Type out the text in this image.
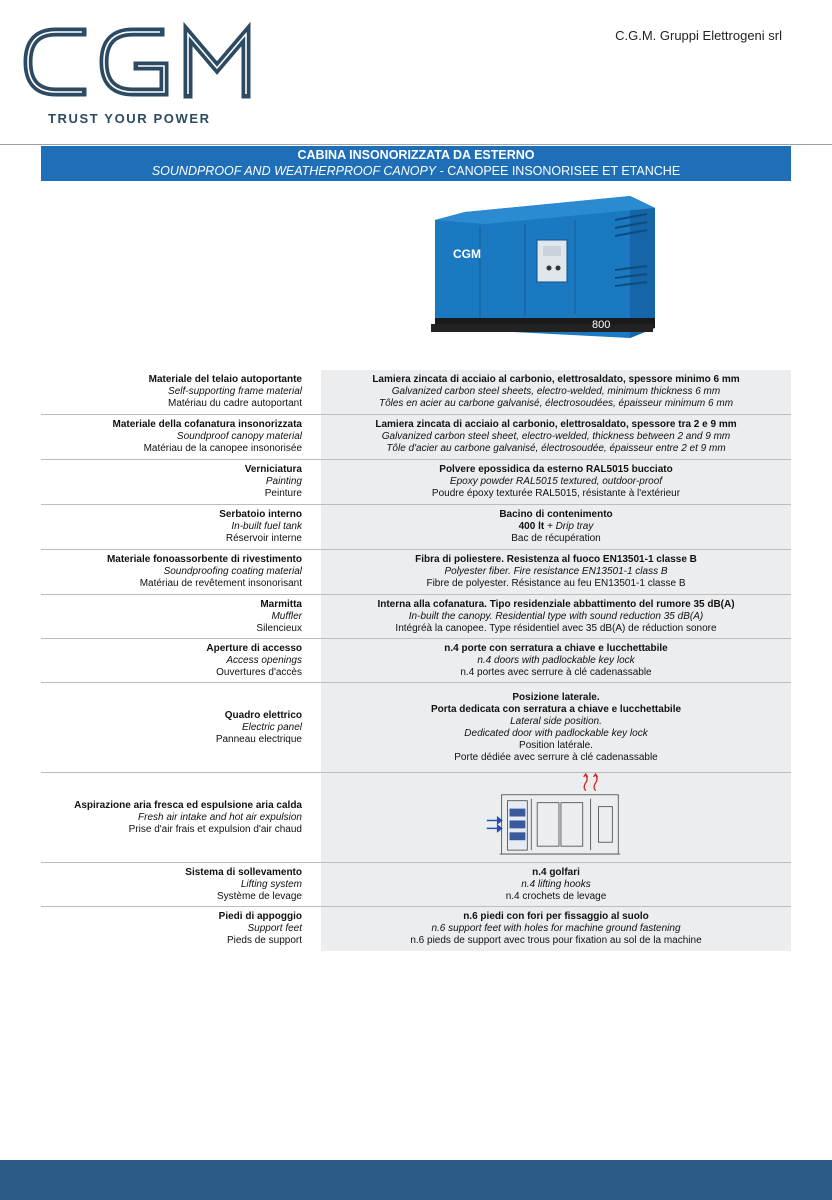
TRUST YOUR POWER
C.G.M. Gruppi Elettrogeni srl
CABINA INSONORIZZATA DA ESTERNO
SOUNDPROOF AND WEATHERPROOF CANOPY - CANOPEE INSONORISEE ET ETANCHE
CGM
800
Materiale del telaio autoportante
Self-supporting frame material
Matériau du cadre autoportant
Lamiera zincata di acciaio al carbonio, elettrosaldato, spessore minimo 6 mm
Galvanized carbon steel sheets, electro-welded, minimum thickness 6 mm
Tôles en acier au carbone galvanisé, électrosoudées, épaisseur minimum 6 mm
Materiale della cofanatura insonorizzata
Soundproof canopy material
Matériau de la canopee insonorisée
Lamiera zincata di acciaio al carbonio, elettrosaldato, spessore tra 2 e 9 mm
Galvanized carbon steel sheet, electro-welded, thickness between 2 and 9 mm
Tôle d'acier au carbone galvanisé, électrosoudée, épaisseur entre 2 et 9 mm
Verniciatura
Painting
Peinture
Polvere epossidica da esterno RAL5015 bucciato
Epoxy powder RAL5015 textured, outdoor-proof
Poudre époxy texturée RAL5015, résistante à l'extérieur
Serbatoio interno
In-built fuel tank
Réservoir interne
Bacino di contenimento
400 lt + Drip tray
Bac de récupération
Materiale fonoassorbente di rivestimento
Soundproofing coating material
Matériau de revêtement insonorisant
Fibra di poliestere. Resistenza al fuoco EN13501-1 classe B
Polyester fiber. Fire resistance EN13501-1 class B
Fibre de polyester. Résistance au feu EN13501-1 classe B
Marmitta
Muffler
Silencieux
Interna alla cofanatura. Tipo residenziale abbattimento del rumore 35 dB(A)
In-built the canopy. Residential type with sound reduction 35 dB(A)
Intégréà la canopee. Type résidentiel avec 35 dB(A) de réduction sonore
Aperture di accesso
Access openings
Ouvertures d'accès
n.4 porte con serratura a chiave e lucchettabile
n.4 doors with padlockable key lock
n.4 portes avec serrure à clé cadenassable
Quadro elettrico
Electric panel
Panneau electrique
Posizione laterale.
Porta dedicata con serratura a chiave e lucchettabile
Lateral side position.
Dedicated door with padlockable key lock
Position latérale.
Porte dédiée avec serrure à clé cadenassable
Aspirazione aria fresca ed espulsione aria calda
Fresh air intake and hot air expulsion
Prise d'air frais et expulsion d'air chaud
Sistema di sollevamento
Lifting system
Système de levage
n.4 golfari
n.4 lifting hooks
n.4 crochets de levage
Piedi di appoggio
Support feet
Pieds de support
n.6 piedi con fori per fissaggio al suolo
n.6 support feet with holes for machine ground fastening
n.6 pieds de support avec trous pour fixation au sol de la machine
